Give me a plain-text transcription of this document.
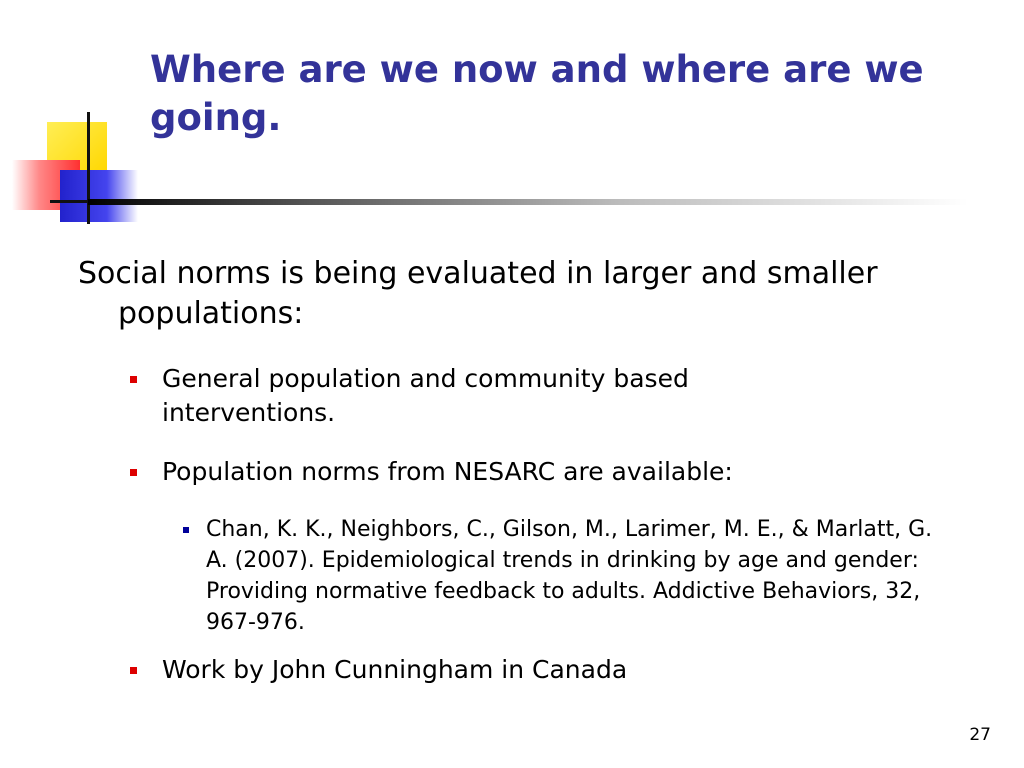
Where are we now and where are we going.
Social norms is being evaluated in larger and smaller populations:
General population and community based interventions.
Population norms from NESARC are available:
Chan, K. K., Neighbors, C., Gilson, M., Larimer, M. E., & Marlatt, G. A. (2007). Epidemiological trends in drinking by age and gender: Providing normative feedback to adults. Addictive Behaviors, 32, 967-976.
Work by John Cunningham in Canada
27
